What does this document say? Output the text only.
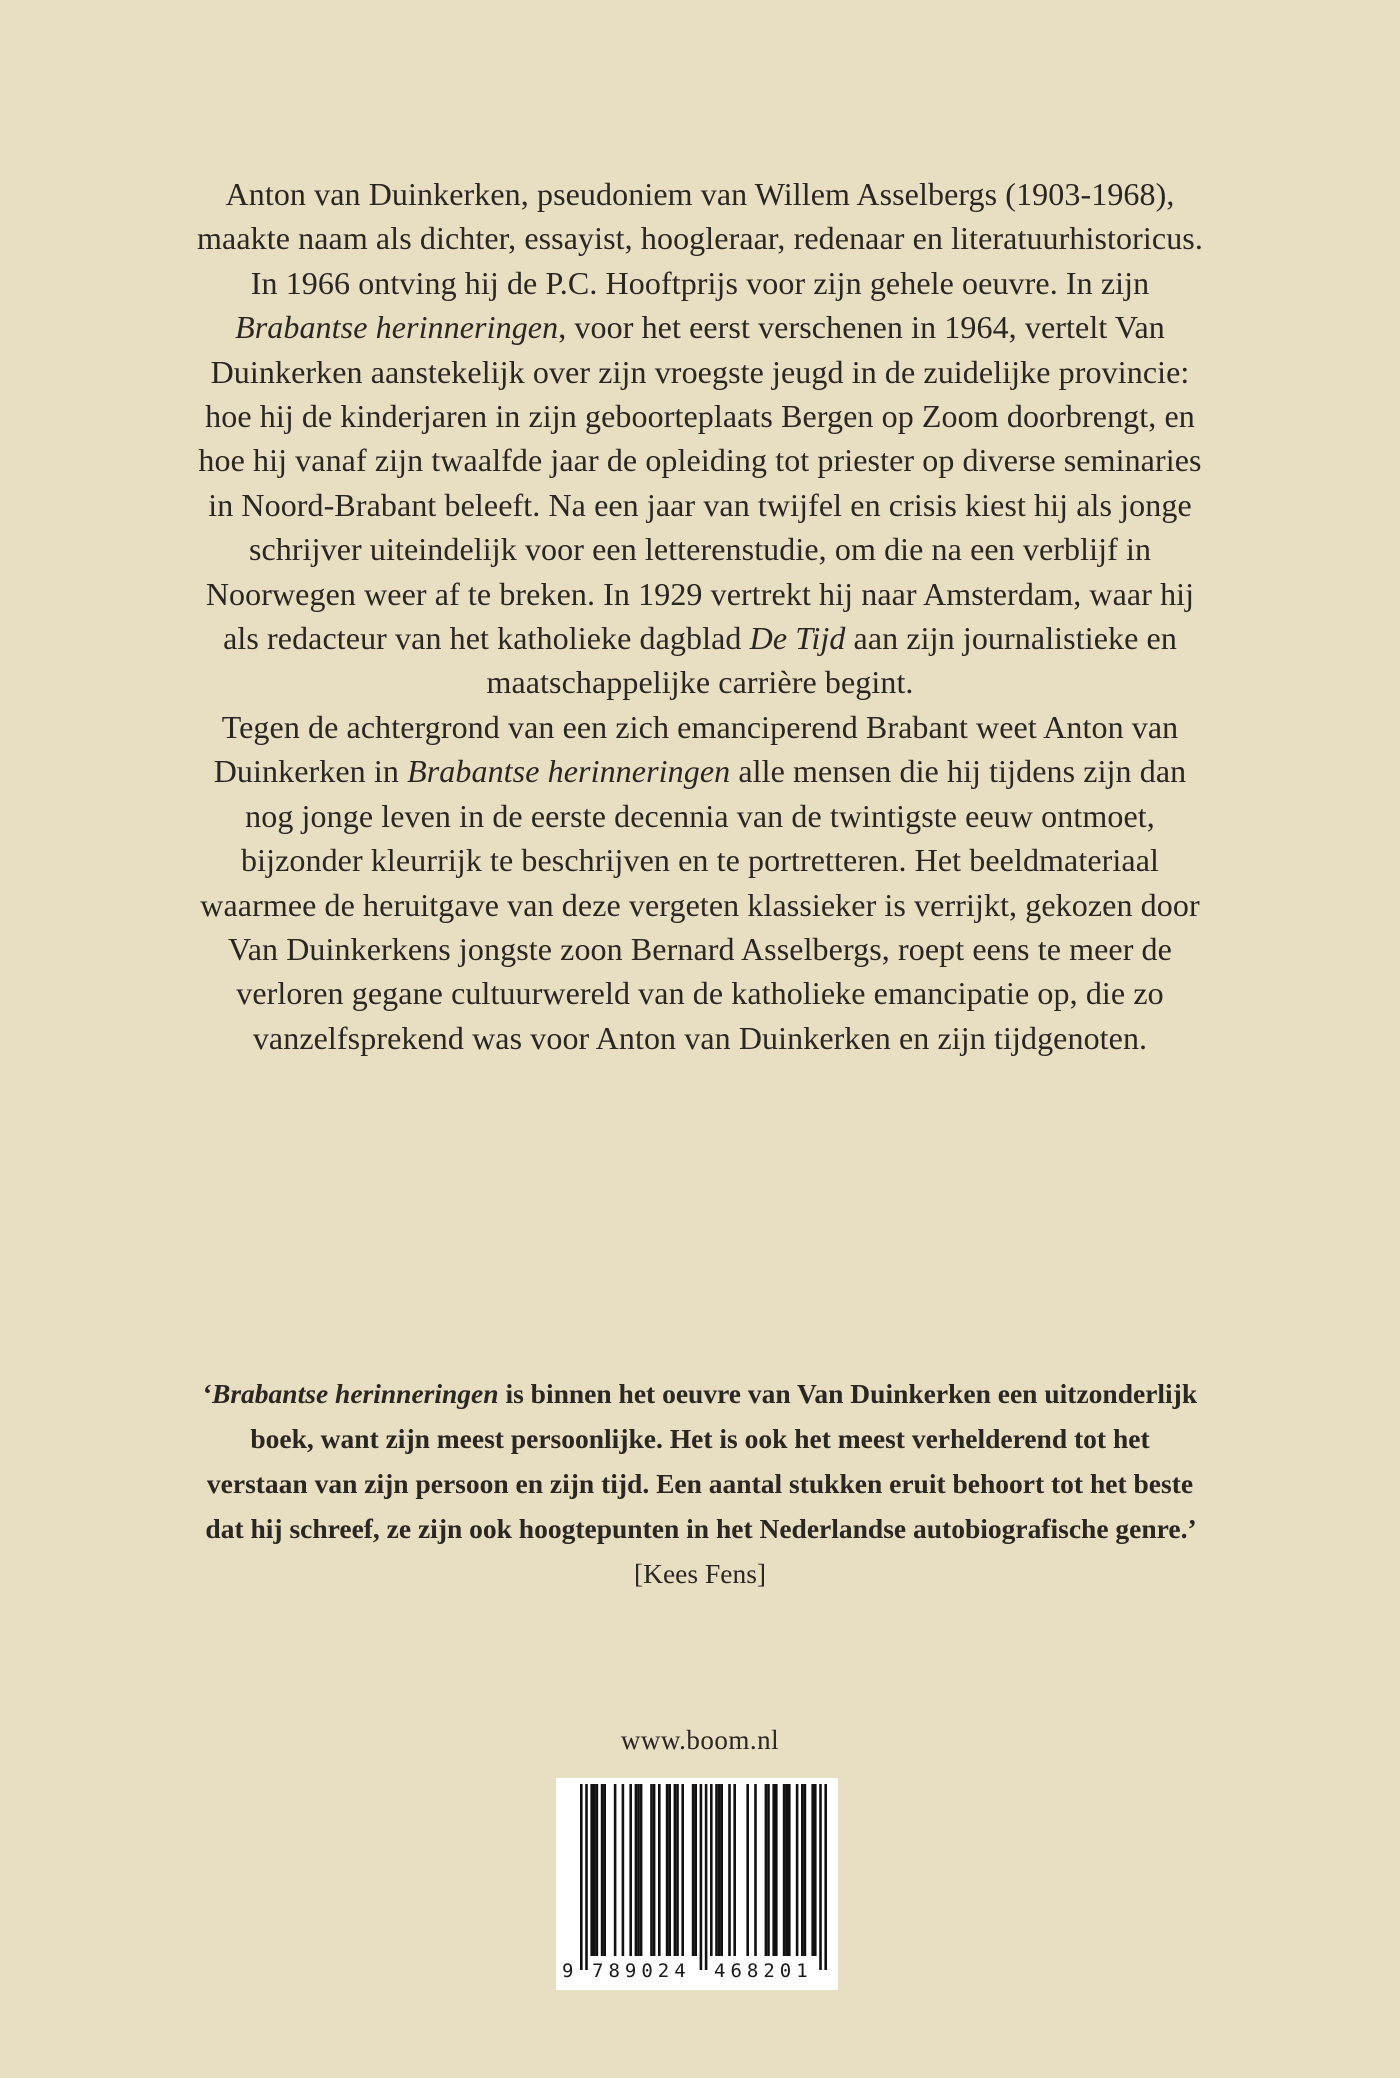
Anton van Duinkerken, pseudoniem van Willem Asselbergs (1903-1968), maakte naam als dichter, essayist, hoogleraar, redenaar en literatuurhistoricus. In 1966 ontving hij de P.C. Hooftprijs voor zijn gehele oeuvre. In zijn Brabantse herinneringen, voor het eerst verschenen in 1964, vertelt Van Duinkerken aanstekelijk over zijn vroegste jeugd in de zuidelijke provincie: hoe hij de kinderjaren in zijn geboorteplaats Bergen op Zoom doorbrengt, en hoe hij vanaf zijn twaalfde jaar de opleiding tot priester op diverse seminaries in Noord-Brabant beleeft. Na een jaar van twijfel en crisis kiest hij als jonge schrijver uiteindelijk voor een letterenstudie, om die na een verblijf in Noorwegen weer af te breken. In 1929 vertrekt hij naar Amsterdam, waar hij als redacteur van het katholieke dagblad De Tijd aan zijn journalistieke en maatschappelijke carrière begint.

Tegen de achtergrond van een zich emanciperend Brabant weet Anton van Duinkerken in Brabantse herinneringen alle mensen die hij tijdens zijn dan nog jonge leven in de eerste decennia van de twintigste eeuw ontmoet, bijzonder kleurrijk te beschrijven en te portretteren. Het beeldmateriaal waarmee de heruitgave van deze vergeten klassieker is verrijkt, gekozen door Van Duinkerkens jongste zoon Bernard Asselbergs, roept eens te meer de verloren gegane cultuurwereld van de katholieke emancipatie op, die zo vanzelfsprekend was voor Anton van Duinkerken en zijn tijdgenoten.

‘Brabantse herinneringen is binnen het oeuvre van Van Duinkerken een uitzonderlijk boek, want zijn meest persoonlijke. Het is ook het meest verhelderend tot het verstaan van zijn persoon en zijn tijd. Een aantal stukken eruit behoort tot het beste dat hij schreef, ze zijn ook hoogtepunten in het Nederlandse autobiografische genre.’ [Kees Fens]
www.boom.nl
9 789024 468201
